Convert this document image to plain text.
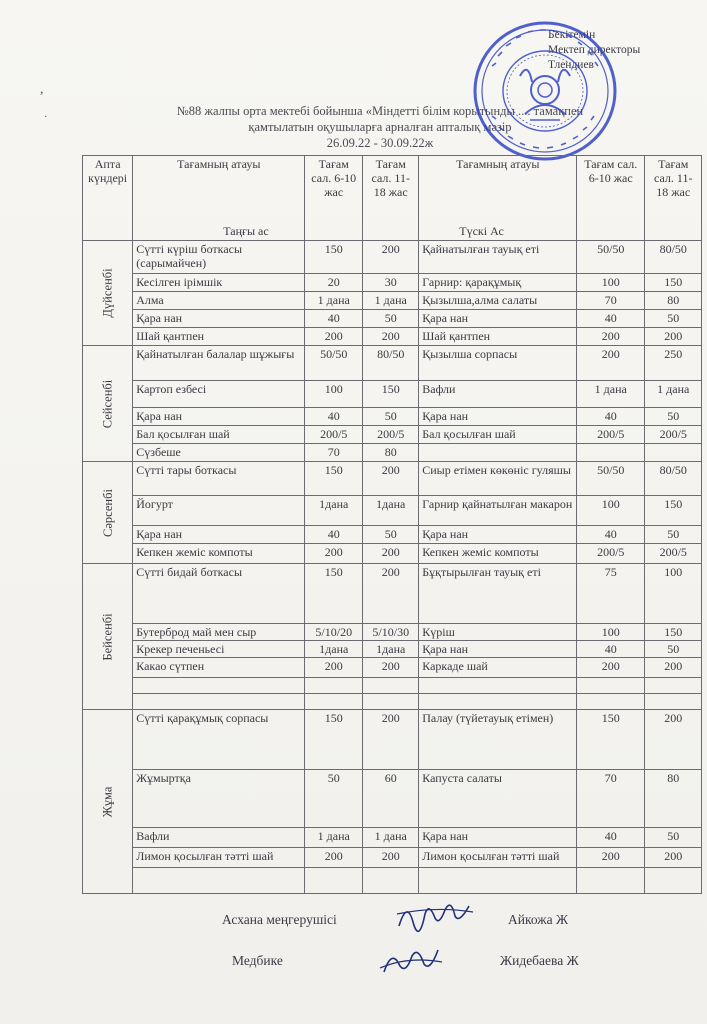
Бекітемін
Мектеп директоры
Тлендиев
,
·	№88 жалпы орта мектебі бойынша «Міндетті білім корытынды .... тамақпен
қамтылатын оқушыларға арналған апталық мәзір
26.09.22 - 30.09.22ж
Апта күндері	Тағамның атауы
Таңғы ас	Тағам сал. 6-10 жас	Тағам сал. 11-18 жас	Тағамның атауы
Түскі Ас	Тағам сал. 6-10 жас	Тағам сал. 11-18 жас
Дүйсенбі	Сүтті күріш боткасы (сарымайчен)	150	200	Қайнатылған тауық еті	50/50	80/50
	Кесілген ірімшік	20	30	Гарнир: қарақұмық	100	150
	Алма	1 дана	1 дана	Қызылша,алма салаты	70	80
	Қара нан	40	50	Қара нан	40	50
	Шай қантпен	200	200	Шай қантпен	200	200
Сейсенбі	Қайнатылған балалар шұжығы	50/50	80/50	Қызылша сорпасы	200	250
	Картоп езбесі	100	150	Вафли	1 дана	1 дана
	Қара нан	40	50	Қара нан	40	50
	Бал қосылған шай	200/5	200/5	Бал қосылған шай	200/5	200/5
	Сүзбеше	70	80			
Сәрсенбі	Сүтті тары боткасы	150	200	Сиыр етімен көкөніс гуляшы	50/50	80/50
	Йогурт	1дана	1дана	Гарнир қайнатылған макарон	100	150
	Қара нан	40	50	Қара нан	40	50
	Кепкен жеміс компоты	200	200	Кепкен жеміс компоты	200/5	200/5
Бейсенбі	Сүтті бидай боткасы	150	200	Бұқтырылған тауық еті	75	100
	Бутерброд май мен сыр	5/10/20	5/10/30	Күріш	100	150
	Крекер печеньесі	1дана	1дана	Қара нан	40	50
	Какао сүтпен	200	200	Каркаде шай	200	200

Жұма	Сүтті қарақұмық сорпасы	150	200	Палау (түйетауық етімен)	150	200
	Жұмыртқа	50	60	Капуста салаты	70	80
	Вафли	1 дана	1 дана	Қара нан	40	50
	Лимон қосылған тәтті шай	200	200	Лимон қосылған тәтті шай	200	200

Асхана меңгерушісі	Айкожа Ж
Медбике	Жидебаева Ж
